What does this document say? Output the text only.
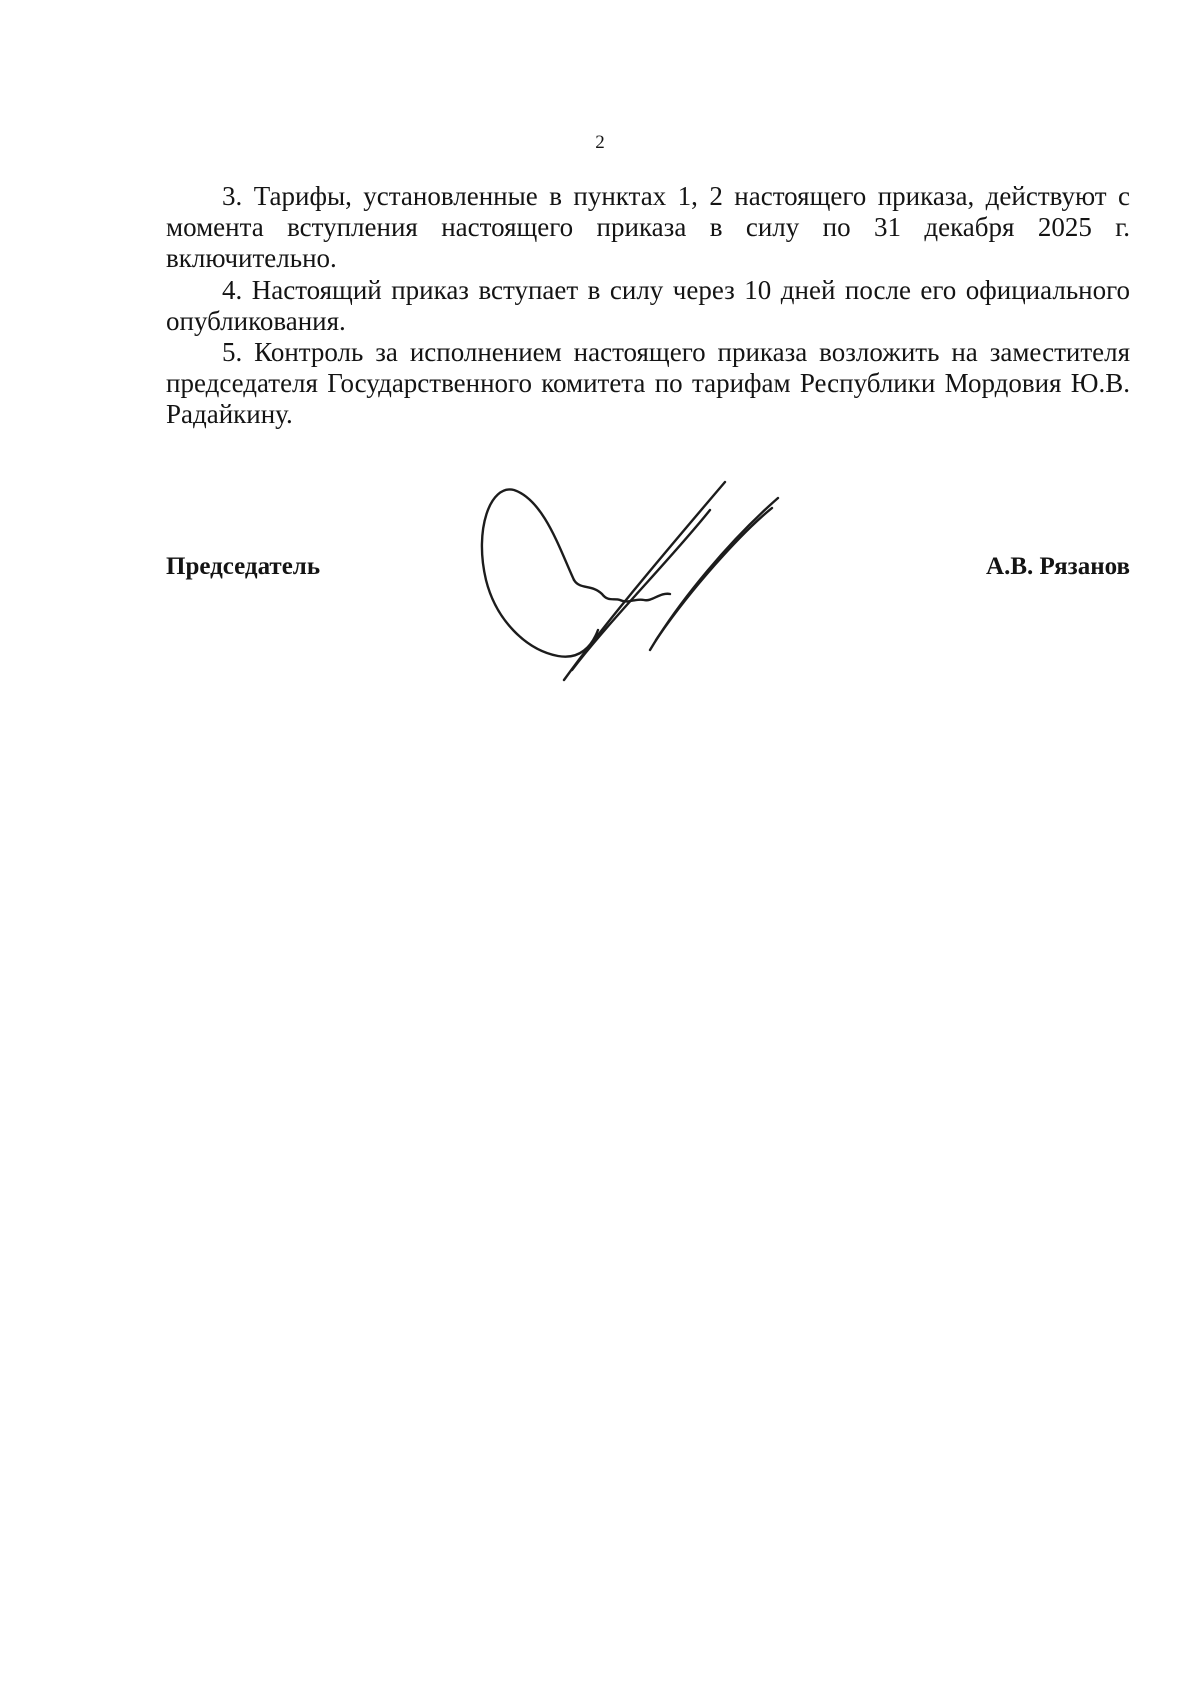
2

3. Тарифы, установленные в пунктах 1, 2 настоящего приказа, действуют с момента вступления настоящего приказа в силу по 31 декабря 2025 г. включительно.

4. Настоящий приказ вступает в силу через 10 дней после его официального опубликования.

5. Контроль за исполнением настоящего приказа возложить на заместителя председателя Государственного комитета по тарифам Республики Мордовия Ю.В. Радайкину.

Председатель	А.В. Рязанов
